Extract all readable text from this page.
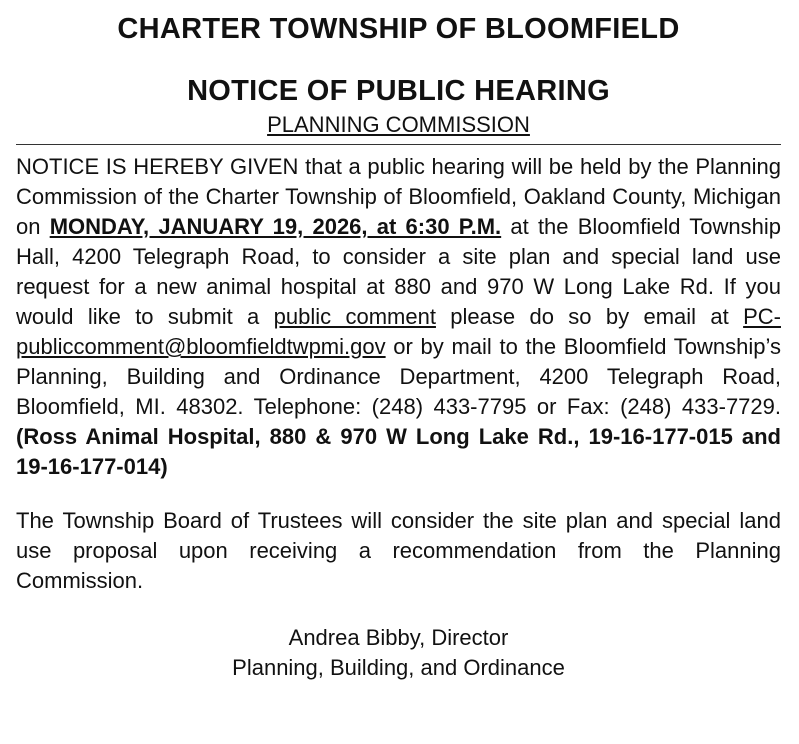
CHARTER TOWNSHIP OF BLOOMFIELD
NOTICE OF PUBLIC HEARING
PLANNING COMMISSION

NOTICE IS HEREBY GIVEN that a public hearing will be held by the Planning Commission of the Charter Township of Bloomfield, Oakland County, Michigan on MONDAY, JANUARY 19, 2026, at 6:30 P.M. at the Bloomfield Township Hall, 4200 Telegraph Road, to consider a site plan and special land use request for a new animal hospital at 880 and 970 W Long Lake Rd. If you would like to submit a public comment please do so by email at PC-publiccomment@bloomfieldtwpmi.gov or by mail to the Bloomfield Township’s Planning, Building and Ordinance Department, 4200 Telegraph Road, Bloomfield, MI. 48302. Telephone: (248) 433-7795 or Fax: (248) 433-7729. (Ross Animal Hospital, 880 & 970 W Long Lake Rd., 19-16-177-015 and 19-16-177-014)

The Township Board of Trustees will consider the site plan and special land use proposal upon receiving a recommendation from the Planning Commission.

Andrea Bibby, Director
Planning, Building, and Ordinance
